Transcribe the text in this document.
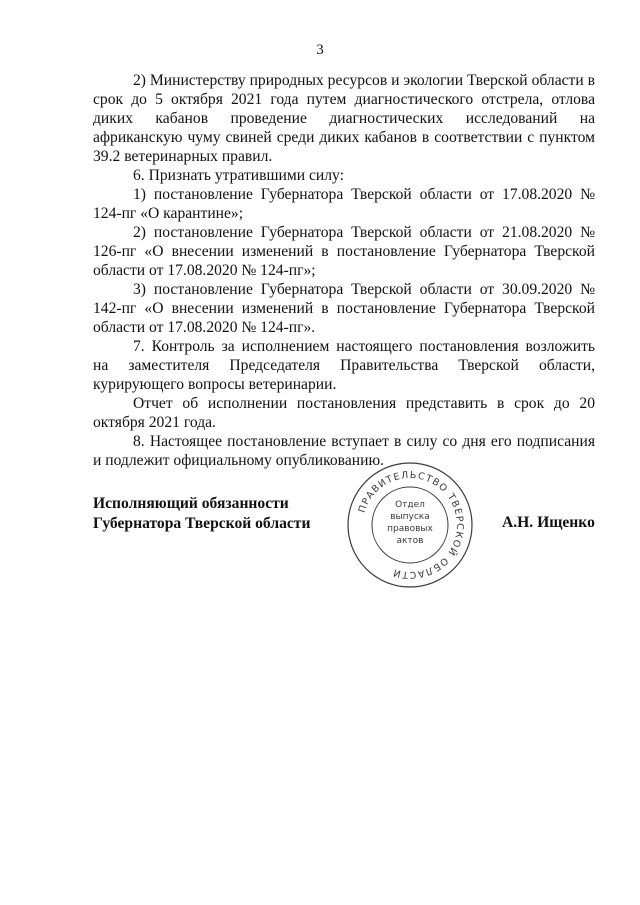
3

2) Министерству природных ресурсов и экологии Тверской области в срок до 5 октября 2021 года путем диагностического отстрела, отлова диких кабанов проведение диагностических исследований на африканскую чуму свиней среди диких кабанов в соответствии с пунктом 39.2 ветеринарных правил.

6. Признать утратившими силу:

1) постановление Губернатора Тверской области от 17.08.2020 № 124-пг «О карантине»;

2) постановление Губернатора Тверской области от 21.08.2020 № 126-пг «О внесении изменений в постановление Губернатора Тверской области от 17.08.2020 № 124-пг»;

3) постановление Губернатора Тверской области от 30.09.2020 № 142-пг «О внесении изменений в постановление Губернатора Тверской области от 17.08.2020 № 124-пг».

7. Контроль за исполнением настоящего постановления возложить на заместителя Председателя Правительства Тверской области, курирующего вопросы ветеринарии.

Отчет об исполнении постановления представить в срок до 20 октября 2021 года.

8. Настоящее постановление вступает в силу со дня его подписания и подлежит официальному опубликованию.

Исполняющий обязанности
Губернатора Тверской области	А.Н. Ищенко
ПРАВИТЕЛЬСТВО ТВЕРСКОЙ ОБЛАСТИ
Отдел
выпуска
правовых
актов
